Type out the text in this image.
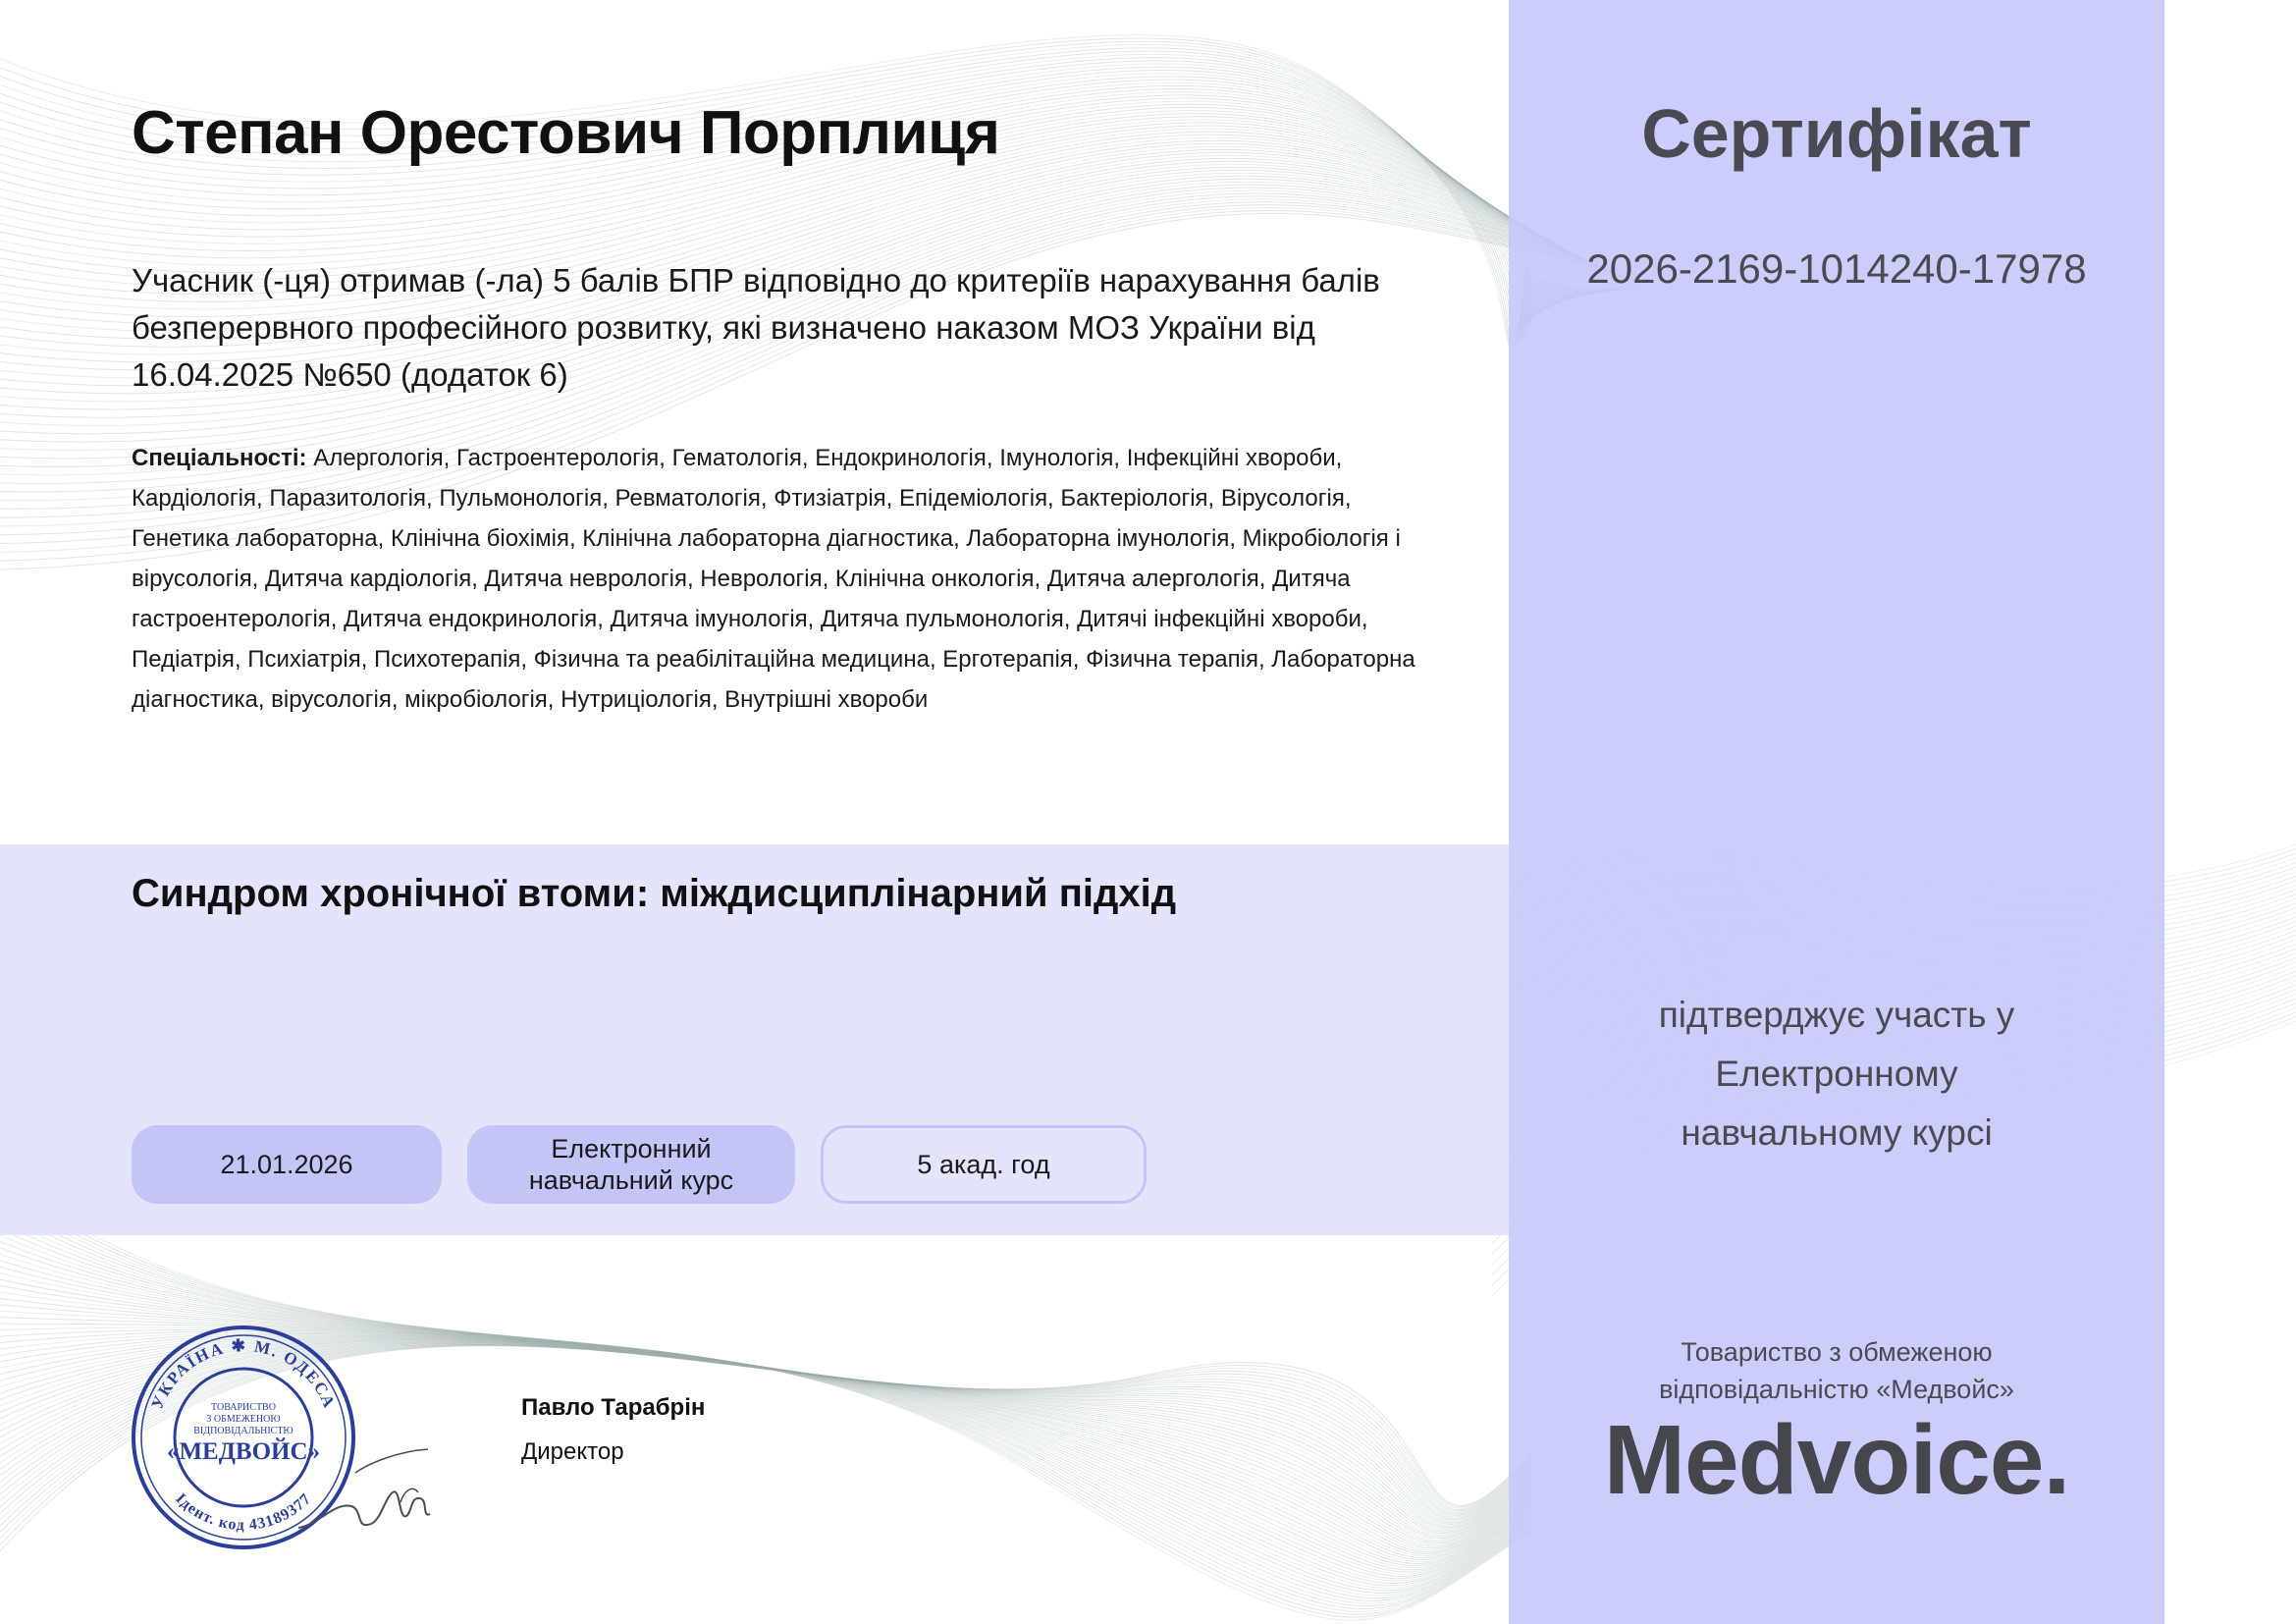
Степан Орестович Порплиця
Учасник (-ця) отримав (-ла) 5 балів БПР відповідно до критеріїв нарахування балів безперервного професійного розвитку, які визначено наказом МОЗ України від 16.04.2025 №650 (додаток 6)
Спеціальності: Алергологія, Гастроентерологія, Гематологія, Ендокринологія, Імунологія, Інфекційні хвороби, Кардіологія, Паразитологія, Пульмонологія, Ревматологія, Фтизіатрія, Епідеміологія, Бактеріологія, Вірусологія, Генетика лабораторна, Клінічна біохімія, Клінічна лабораторна діагностика, Лабораторна імунологія, Мікробіологія і вірусологія, Дитяча кардіологія, Дитяча неврологія, Неврологія, Клінічна онкологія, Дитяча алергологія, Дитяча гастроентерологія, Дитяча ендокринологія, Дитяча імунологія, Дитяча пульмонологія, Дитячі інфекційні хвороби, Педіатрія, Психіатрія, Психотерапія, Фізична та реабілітаційна медицина, Ерготерапія, Фізична терапія, Лабораторна діагностика, вірусологія, мікробіологія, Нутриціологія, Внутрішні хвороби
Синдром хронічної втоми: міждисциплінарний підхід
21.01.2026
Електронний навчальний курс
5 акад. год
УКРАЇНА ✱ М. ОДЕСА
Ідент. код 43189377
ТОВАРИСТВО
З ОБМЕЖЕНОЮ
ВІДПОВІДАЛЬНІСТЮ
«МЕДВОЙС»
Павло Тарабрін
Директор
Сертифікат
2026-2169-1014240-17978
підтверджує участь у Електронному навчальному курсі
Товариство з обмеженою відповідальністю «Медвойс»
Medvoice.
